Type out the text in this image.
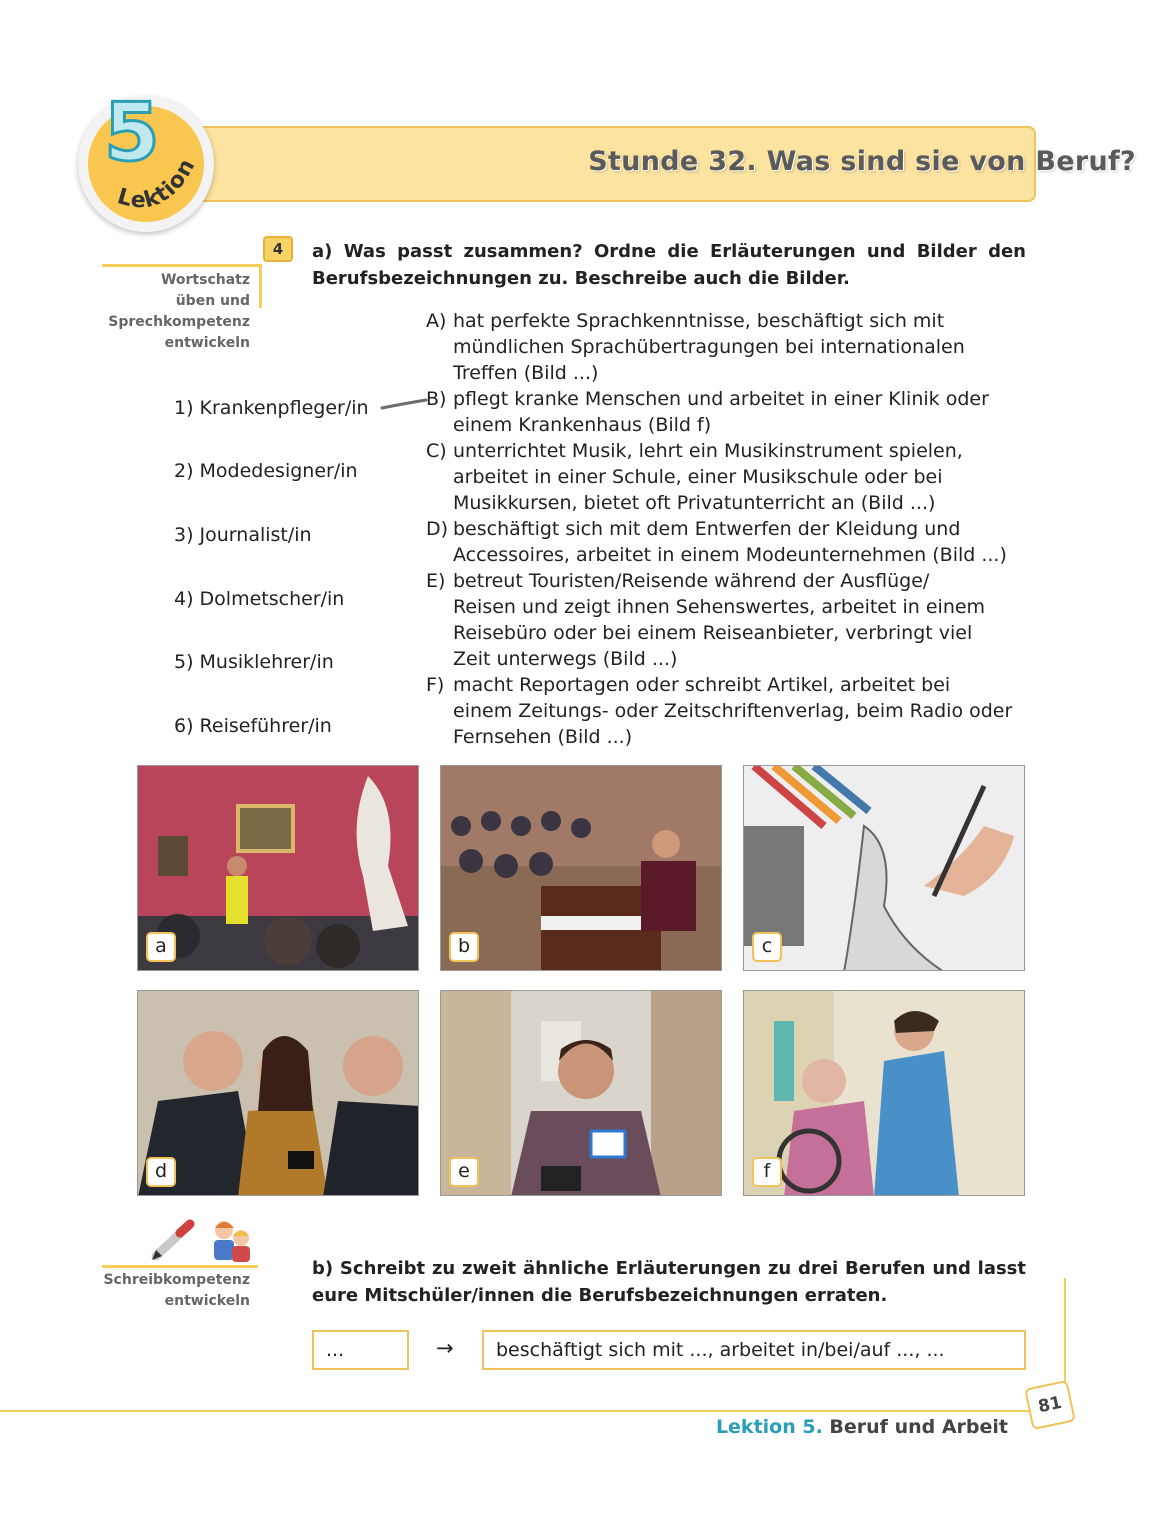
Stunde 32. Was sind sie von Beruf?
5
Lektion
4
Wortschatz
üben und
Sprechkompetenz
entwickeln
a) Was passt zusammen? Ordne die Erläuterungen und Bilder den Berufsbezeichnungen zu. Beschreibe auch die Bilder.
1) Krankenpfleger/in
2) Modedesigner/in
3) Journalist/in
4) Dolmetscher/in
5) Musiklehrer/in
6) Reiseführer/in
A) hat perfekte Sprachkenntnisse, beschäftigt sich mit
mündlichen Sprachübertragungen bei internationalen
Treffen (Bild ...)
B) pflegt kranke Menschen und arbeitet in einer Klinik oder
einem Krankenhaus (Bild f)
C) unterrichtet Musik, lehrt ein Musikinstrument spielen,
arbeitet in einer Schule, einer Musikschule oder bei
Musikkursen, bietet oft Privatunterricht an (Bild ...)
D) beschäftigt sich mit dem Entwerfen der Kleidung und
Accessoires, arbeitet in einem Modeunternehmen (Bild ...)
E) betreut Touristen/Reisende während der Ausflüge/
Reisen und zeigt ihnen Sehenswertes, arbeitet in einem
Reisebüro oder bei einem Reiseanbieter, verbringt viel
Zeit unterwegs (Bild ...)
F) macht Reportagen oder schreibt Artikel, arbeitet bei
einem Zeitungs- oder Zeitschriftenverlag, beim Radio oder
Fernsehen (Bild ...)
a	b	c
d	e	f
Schreibkompetenz
entwickeln
b) Schreibt zu zweit ähnliche Erläuterungen zu drei Berufen und lasst eure Mitschüler/innen die Berufsbezeichnungen erraten.
...	→	beschäftigt sich mit ..., arbeitet in/bei/auf ..., ...
81
Lektion 5. Beruf und Arbeit
